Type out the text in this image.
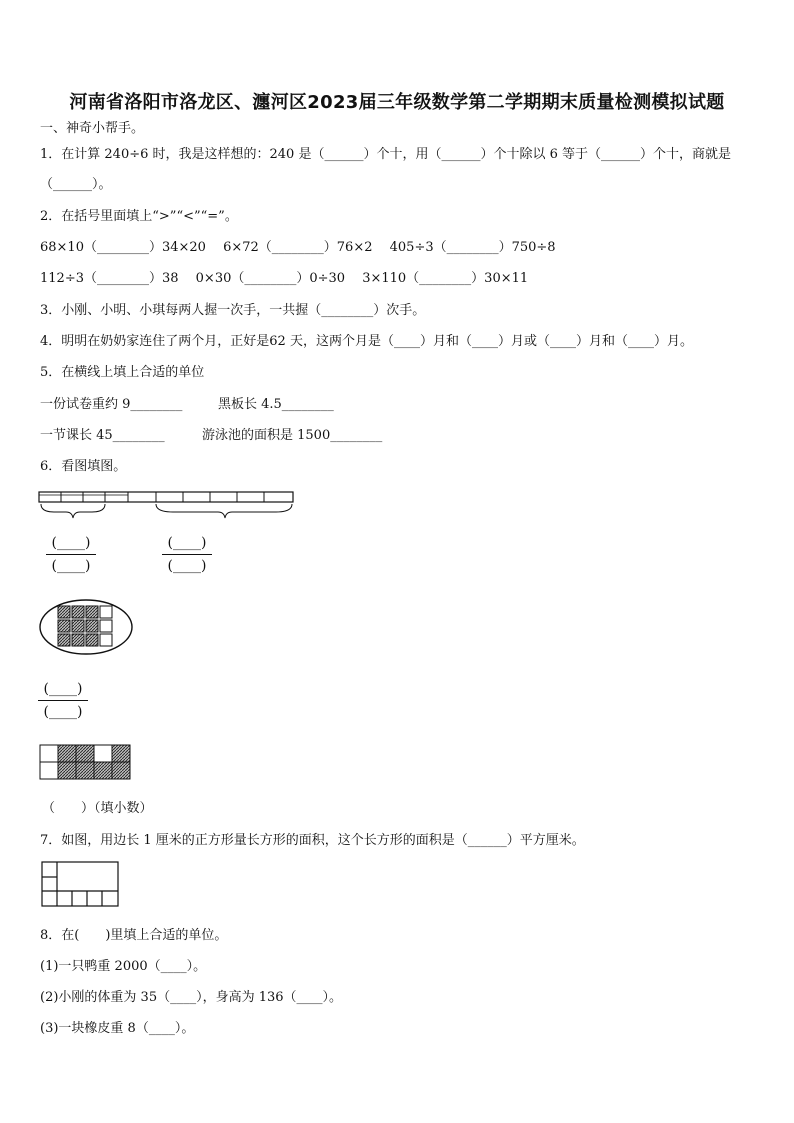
河南省洛阳市洛龙区、瀍河区2023届三年级数学第二学期期末质量检测模拟试题
一、神奇小帮手。
1．在计算 240÷6 时，我是这样想的：240 是（______）个十，用（______）个十除以 6 等于（______）个十，商就是
（______）。
2．在括号里面填上“>”“<”“=”。
68×10（________）34×20　 6×72（________）76×2　 405÷3（________）750÷8
112÷3（________）38　 0×30（________）0÷30　 3×110（________）30×11
3．小刚、小明、小琪每两人握一次手，一共握（________）次手。
4．明明在奶奶家连住了两个月，正好是62 天，这两个月是（____）月和（____）月或（____）月和（____）月。
5．在横线上填上合适的单位
一份试卷重约 9________	黑板长 4.5________
一节课长 45________	游泳池的面积是 1500________
6．看图填图。
(____)
(____)
(____)
(____)
(____)
(____)
（　　）（填小数）
7．如图，用边长 1 厘米的正方形量长方形的面积，这个长方形的面积是（______）平方厘米。
8．在(　　)里填上合适的单位。
(1)一只鸭重 2000（____）。
(2)小刚的体重为 35（____），身高为 136（____）。
(3)一块橡皮重 8（____）。
